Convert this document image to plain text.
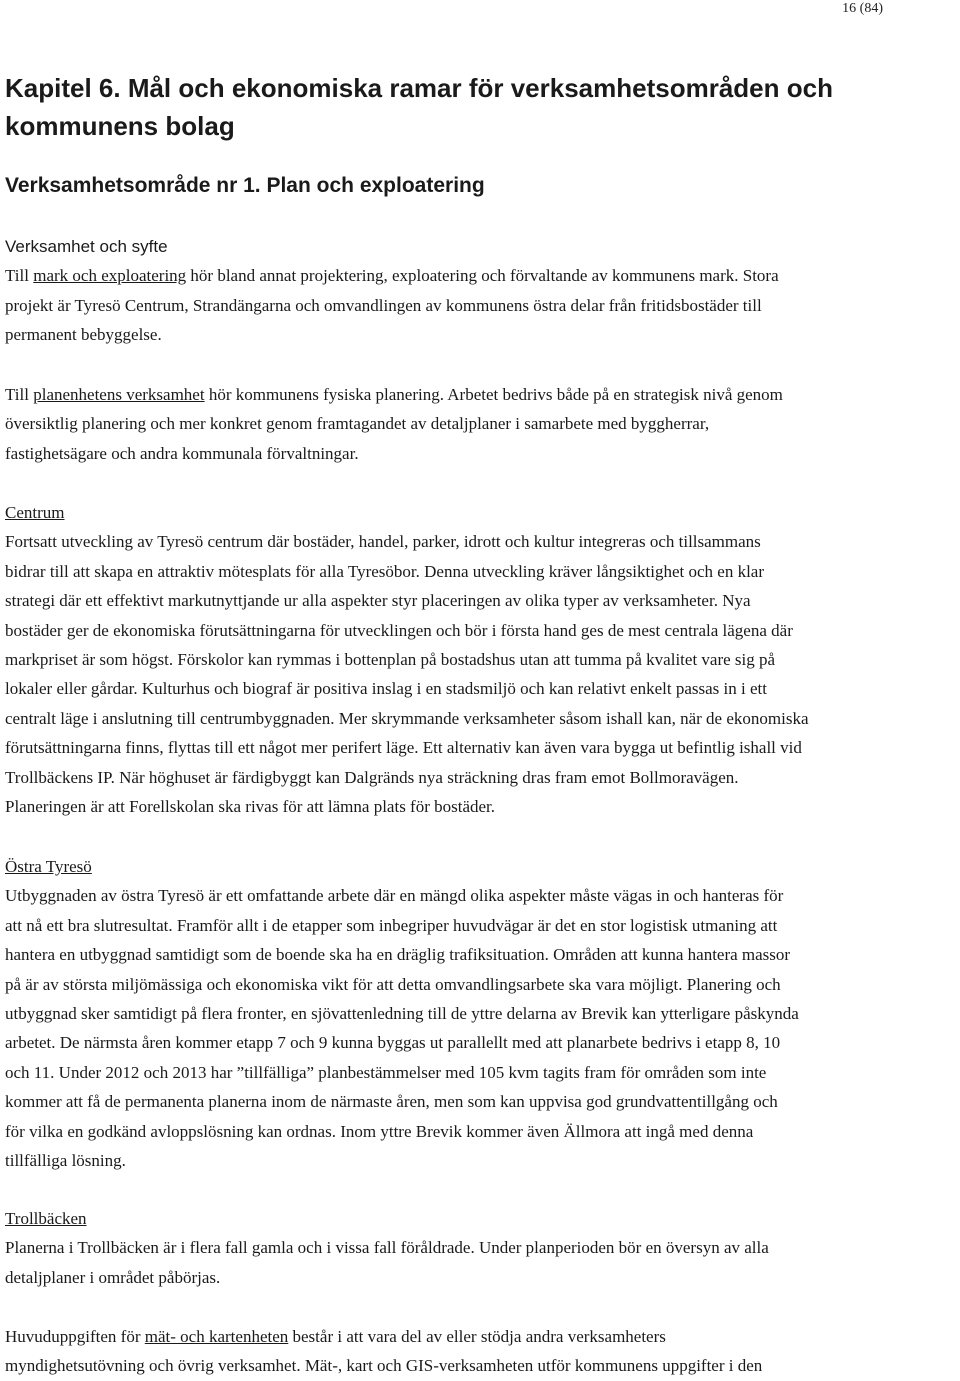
16 (84)
Kapitel 6. Mål och ekonomiska ramar för verksamhetsområden och
kommunens bolag
Verksamhetsområde nr 1. Plan och exploatering
Verksamhet och syfte

Till mark och exploatering hör bland annat projektering, exploatering och förvaltande av kommunens mark. Stora
projekt är Tyresö Centrum, Strandängarna och omvandlingen av kommunens östra delar från fritidsbostäder till
permanent bebyggelse.

Till planenhetens verksamhet hör kommunens fysiska planering. Arbetet bedrivs både på en strategisk nivå genom
översiktlig planering och mer konkret genom framtagandet av detaljplaner i samarbete med byggherrar,
fastighetsägare och andra kommunala förvaltningar.

Centrum

Fortsatt utveckling av Tyresö centrum där bostäder, handel, parker, idrott och kultur integreras och tillsammans
bidrar till att skapa en attraktiv mötesplats för alla Tyresöbor. Denna utveckling kräver långsiktighet och en klar
strategi där ett effektivt markutnyttjande ur alla aspekter styr placeringen av olika typer av verksamheter. Nya
bostäder ger de ekonomiska förutsättningarna för utvecklingen och bör i första hand ges de mest centrala lägena där
markpriset är som högst. Förskolor kan rymmas i bottenplan på bostadshus utan att tumma på kvalitet vare sig på
lokaler eller gårdar. Kulturhus och biograf är positiva inslag i en stadsmiljö och kan relativt enkelt passas in i ett
centralt läge i anslutning till centrumbyggnaden. Mer skrymmande verksamheter såsom ishall kan, när de ekonomiska
förutsättningarna finns, flyttas till ett något mer perifert läge. Ett alternativ kan även vara bygga ut befintlig ishall vid
Trollbäckens IP. När höghuset är färdigbyggt kan Dalgränds nya sträckning dras fram emot Bollmoravägen.
Planeringen är att Forellskolan ska rivas för att lämna plats för bostäder.

Östra Tyresö

Utbyggnaden av östra Tyresö är ett omfattande arbete där en mängd olika aspekter måste vägas in och hanteras för
att nå ett bra slutresultat. Framför allt i de etapper som inbegriper huvudvägar är det en stor logistisk utmaning att
hantera en utbyggnad samtidigt som de boende ska ha en dräglig trafiksituation. Områden att kunna hantera massor
på är av största miljömässiga och ekonomiska vikt för att detta omvandlingsarbete ska vara möjligt. Planering och
utbyggnad sker samtidigt på flera fronter, en sjövattenledning till de yttre delarna av Brevik kan ytterligare påskynda
arbetet. De närmsta åren kommer etapp 7 och 9 kunna byggas ut parallellt med att planarbete bedrivs i etapp 8, 10
och 11. Under 2012 och 2013 har ”tillfälliga” planbestämmelser med 105 kvm tagits fram för områden som inte
kommer att få de permanenta planerna inom de närmaste åren, men som kan uppvisa god grundvattentillgång och
för vilka en godkänd avloppslösning kan ordnas. Inom yttre Brevik kommer även Ällmora att ingå med denna
tillfälliga lösning.

Trollbäcken

Planerna i Trollbäcken är i flera fall gamla och i vissa fall föråldrade. Under planperioden bör en översyn av alla
detaljplaner i området påbörjas.

Huvuduppgiften för mät- och kartenheten består i att vara del av eller stödja andra verksamheters
myndighetsutövning och övrig verksamhet. Mät-, kart och GIS-verksamheten utför kommunens uppgifter i den
